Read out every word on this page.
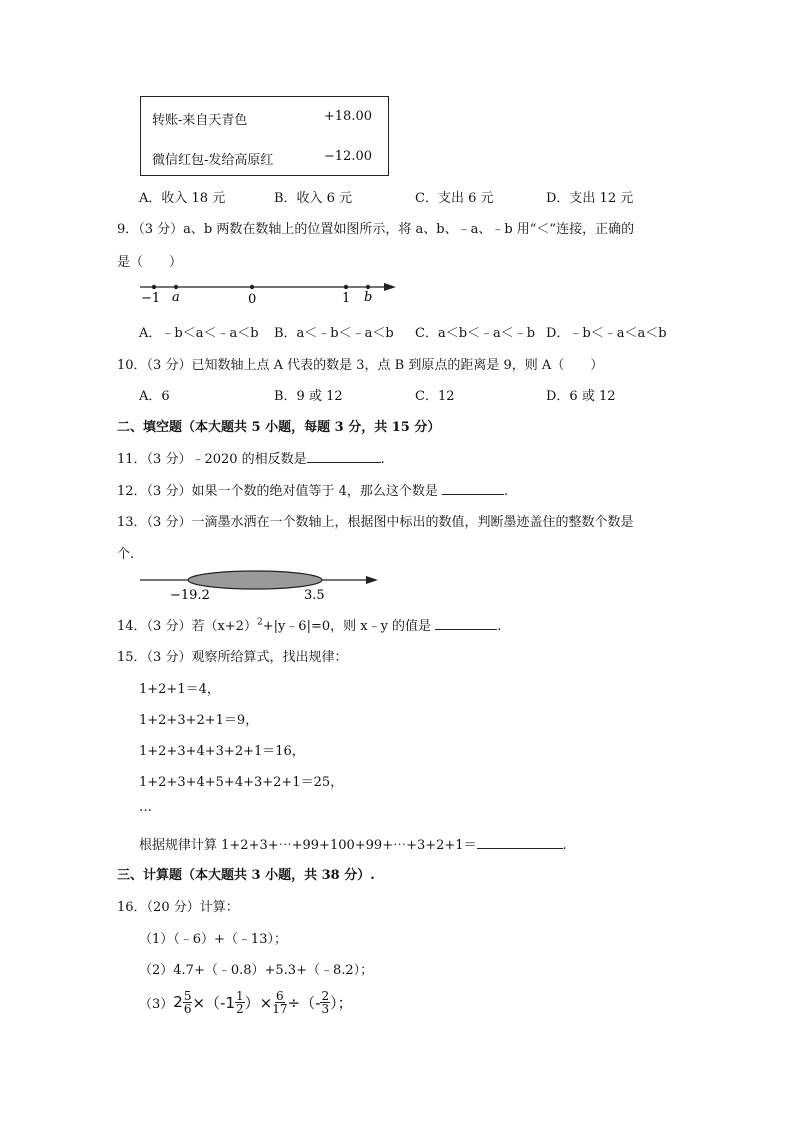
转账-来自天青色	+18.00
微信红包-发给高原红	−12.00
A．收入 18 元	B．收入 6 元	C．支出 6 元	D．支出 12 元
9．（3 分）a、b 两数在数轴上的位置如图所示，将 a、b、﹣a、﹣b 用“＜”连接，正确的
是（　　）
−1 a	0	1 b
A．﹣b＜a＜﹣a＜b B．a＜﹣b＜﹣a＜b C．a＜b＜﹣a＜﹣b D．﹣b＜﹣a＜a＜b
10．（3 分）已知数轴上点 A 代表的数是 3，点 B 到原点的距离是 9，则 A（　　）
A．6	B．9 或 12	C．12	D．6 或 12
二、填空题（本大题共 5 小题，每题 3 分，共 15 分）
11．（3 分）﹣2020 的相反数是	.
12．（3 分）如果一个数的绝对值等于 4，那么这个数是	.
13．（3 分）一滴墨水洒在一个数轴上，根据图中标出的数值，判断墨迹盖住的整数个数是
个.
−19.2	3.5
14．（3 分）若$(x+2)^2+|y﹣6|=0$，则 x﹣y 的值是	.
15．（3 分）观察所给算式，找出规律：
1+2+1＝4，
1+2+3+2+1＝9，
1+2+3+4+3+2+1＝16，
1+2+3+4+5+4+3+2+1＝25，
…
根据规律计算 1+2+3+⋯+99+100+99+⋯+3+2+1＝	.
三、计算题（本大题共 3 小题，共 38 分）.
16．（20 分）计算：
（1）（﹣6）+（﹣13）；
（2）4.7+（﹣0.8）+5.3+（﹣8.2）；
（3） $2 \frac{5}{6} \times(-1 \frac{1}{2}$ ）× $\frac{6}{17}$ ÷（- $\frac{2}{3}$ ）；
